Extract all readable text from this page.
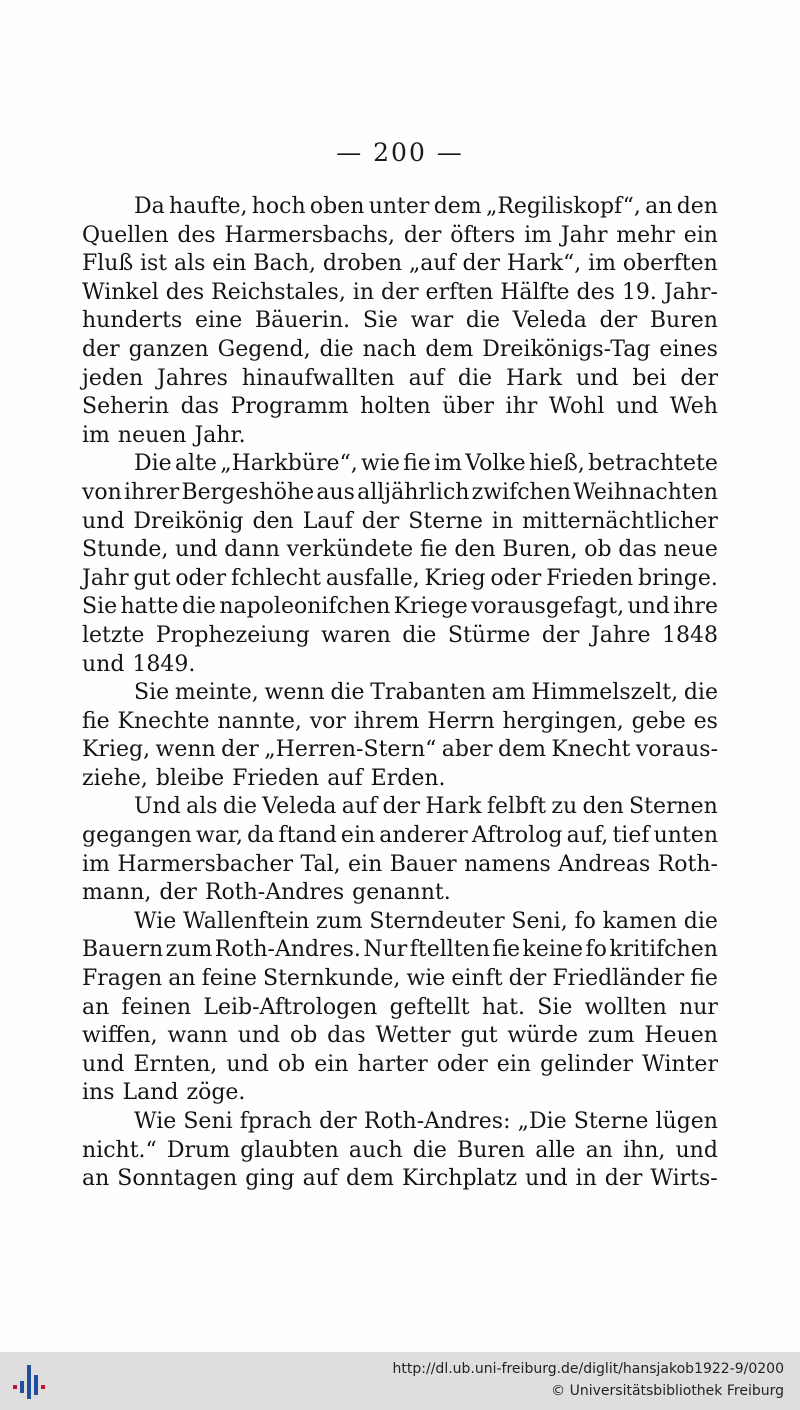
— 200 —
Da haufte, hoch oben unter dem „Regiliskopf“, an den
Quellen des Harmersbachs, der öfters im Jahr mehr ein
Fluß ist als ein Bach, droben „auf der Hark“, im oberften
Winkel des Reichstales, in der erften Hälfte des 19. Jahr-
hunderts eine Bäuerin. Sie war die Veleda der Buren
der ganzen Gegend, die nach dem Dreikönigs-Tag eines
jeden Jahres hinaufwallten auf die Hark und bei der
Seherin das Programm holten über ihr Wohl und Weh
im neuen Jahr.
Die alte „Harkbüre“, wie fie im Volke hieß, betrachtete
von ihrer Bergeshöhe aus alljährlich zwifchen Weihnachten
und Dreikönig den Lauf der Sterne in mitternächtlicher
Stunde, und dann verkündete fie den Buren, ob das neue
Jahr gut oder fchlecht ausfalle, Krieg oder Frieden bringe.
Sie hatte die napoleonifchen Kriege vorausgefagt, und ihre
letzte Prophezeiung waren die Stürme der Jahre 1848
und 1849.
Sie meinte, wenn die Trabanten am Himmelszelt, die
fie Knechte nannte, vor ihrem Herrn hergingen, gebe es
Krieg, wenn der „Herren-Stern“ aber dem Knecht voraus-
ziehe, bleibe Frieden auf Erden.
Und als die Veleda auf der Hark felbft zu den Sternen
gegangen war, da ftand ein anderer Aftrolog auf, tief unten
im Harmersbacher Tal, ein Bauer namens Andreas Roth-
mann, der Roth-Andres genannt.
Wie Wallenftein zum Sterndeuter Seni, fo kamen die
Bauern zum Roth-Andres. Nur ftellten fie keine fo kritifchen
Fragen an feine Sternkunde, wie einft der Friedländer fie
an feinen Leib-Aftrologen geftellt hat. Sie wollten nur
wiffen, wann und ob das Wetter gut würde zum Heuen
und Ernten, und ob ein harter oder ein gelinder Winter
ins Land zöge.
Wie Seni fprach der Roth-Andres: „Die Sterne lügen
nicht.“ Drum glaubten auch die Buren alle an ihn, und
an Sonntagen ging auf dem Kirchplatz und in der Wirts-
http://dl.ub.uni-freiburg.de/diglit/hansjakob1922-9/0200
© Universitätsbibliothek Freiburg
